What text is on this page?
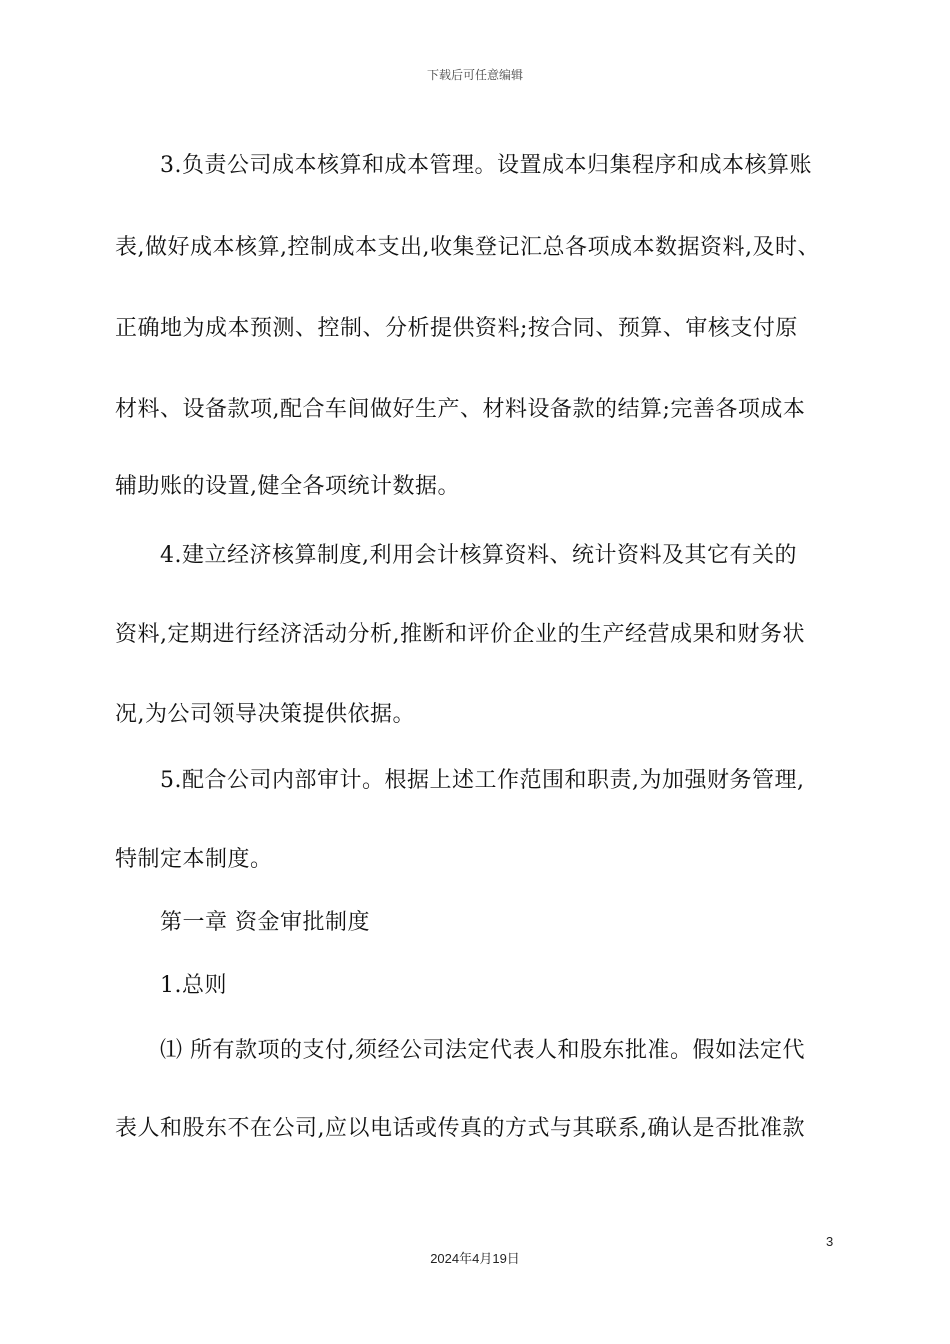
下载后可任意编辑
3.负责公司成本核算和成本管理。设置成本归集程序和成本核算账
表,做好成本核算,控制成本支出,收集登记汇总各项成本数据资料,及时、
正确地为成本预测、控制、分析提供资料;按合同、预算、审核支付原
材料、设备款项,配合车间做好生产、材料设备款的结算;完善各项成本
辅助账的设置,健全各项统计数据。
4.建立经济核算制度,利用会计核算资料、统计资料及其它有关的
资料,定期进行经济活动分析,推断和评价企业的生产经营成果和财务状
况,为公司领导决策提供依据。
5.配合公司内部审计。根据上述工作范围和职责,为加强财务管理,
特制定本制度。
第一章 资金审批制度
1.总则
⑴ 所有款项的支付,须经公司法定代表人和股东批准。假如法定代
表人和股东不在公司,应以电话或传真的方式与其联系,确认是否批准款
3
2024年4月19日
